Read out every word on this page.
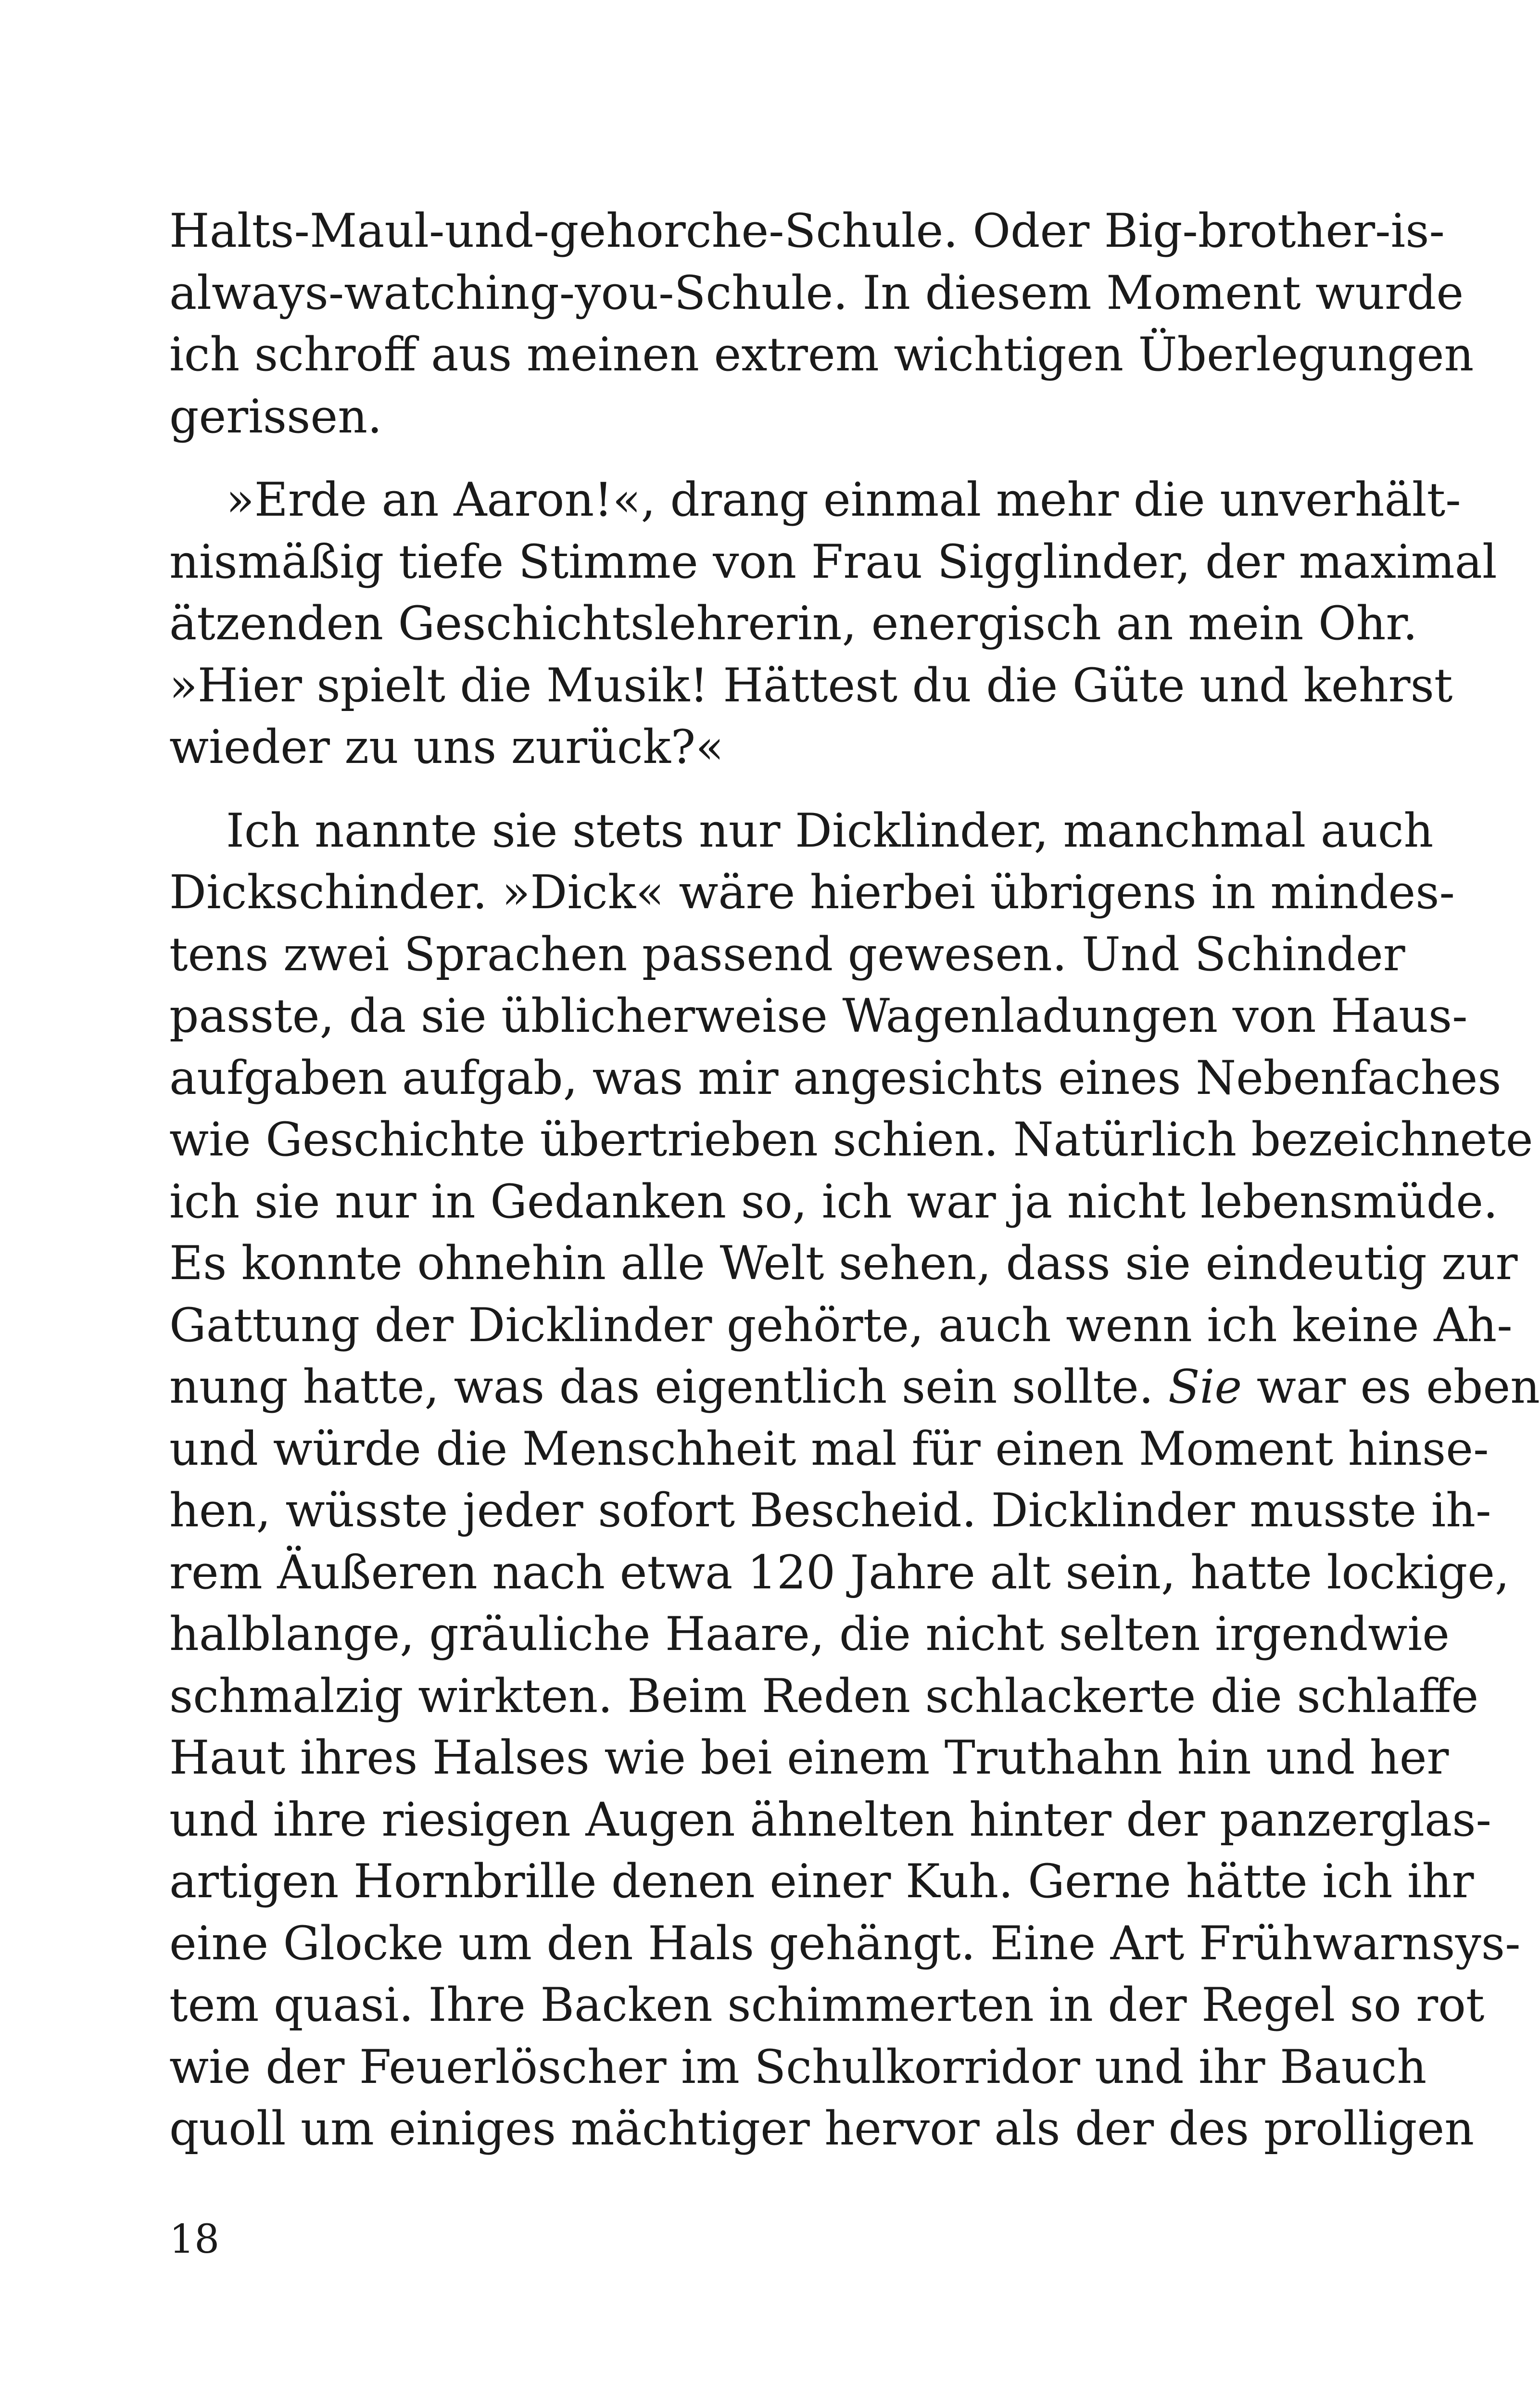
Halts-Maul-und-gehorche-Schule. Oder Big-brother-is-
always-watching-you-Schule. In diesem Moment wurde
ich schroff aus meinen extrem wichtigen Überlegungen
gerissen.
»Erde an Aaron!«, drang einmal mehr die unverhält-
nismäßig tiefe Stimme von Frau Sigglinder, der maximal
ätzenden Geschichtslehrerin, energisch an mein Ohr.
»Hier spielt die Musik! Hättest du die Güte und kehrst
wieder zu uns zurück?«
Ich nannte sie stets nur Dicklinder, manchmal auch
Dickschinder. »Dick« wäre hierbei übrigens in mindes-
tens zwei Sprachen passend gewesen. Und Schinder
passte, da sie üblicherweise Wagenladungen von Haus-
aufgaben aufgab, was mir angesichts eines Nebenfaches
wie Geschichte übertrieben schien. Natürlich bezeichnete
ich sie nur in Gedanken so, ich war ja nicht lebensmüde.
Es konnte ohnehin alle Welt sehen, dass sie eindeutig zur
Gattung der Dicklinder gehörte, auch wenn ich keine Ah-
nung hatte, was das eigentlich sein sollte. Sie war es eben
und würde die Menschheit mal für einen Moment hinse-
hen, wüsste jeder sofort Bescheid. Dicklinder musste ih-
rem Äußeren nach etwa 120 Jahre alt sein, hatte lockige,
halblange, gräuliche Haare, die nicht selten irgendwie
schmalzig wirkten. Beim Reden schlackerte die schlaffe
Haut ihres Halses wie bei einem Truthahn hin und her
und ihre riesigen Augen ähnelten hinter der panzerglas-
artigen Hornbrille denen einer Kuh. Gerne hätte ich ihr
eine Glocke um den Hals gehängt. Eine Art Frühwarnsys-
tem quasi. Ihre Backen schimmerten in der Regel so rot
wie der Feuerlöscher im Schulkorridor und ihr Bauch
quoll um einiges mächtiger hervor als der des prolligen
18
